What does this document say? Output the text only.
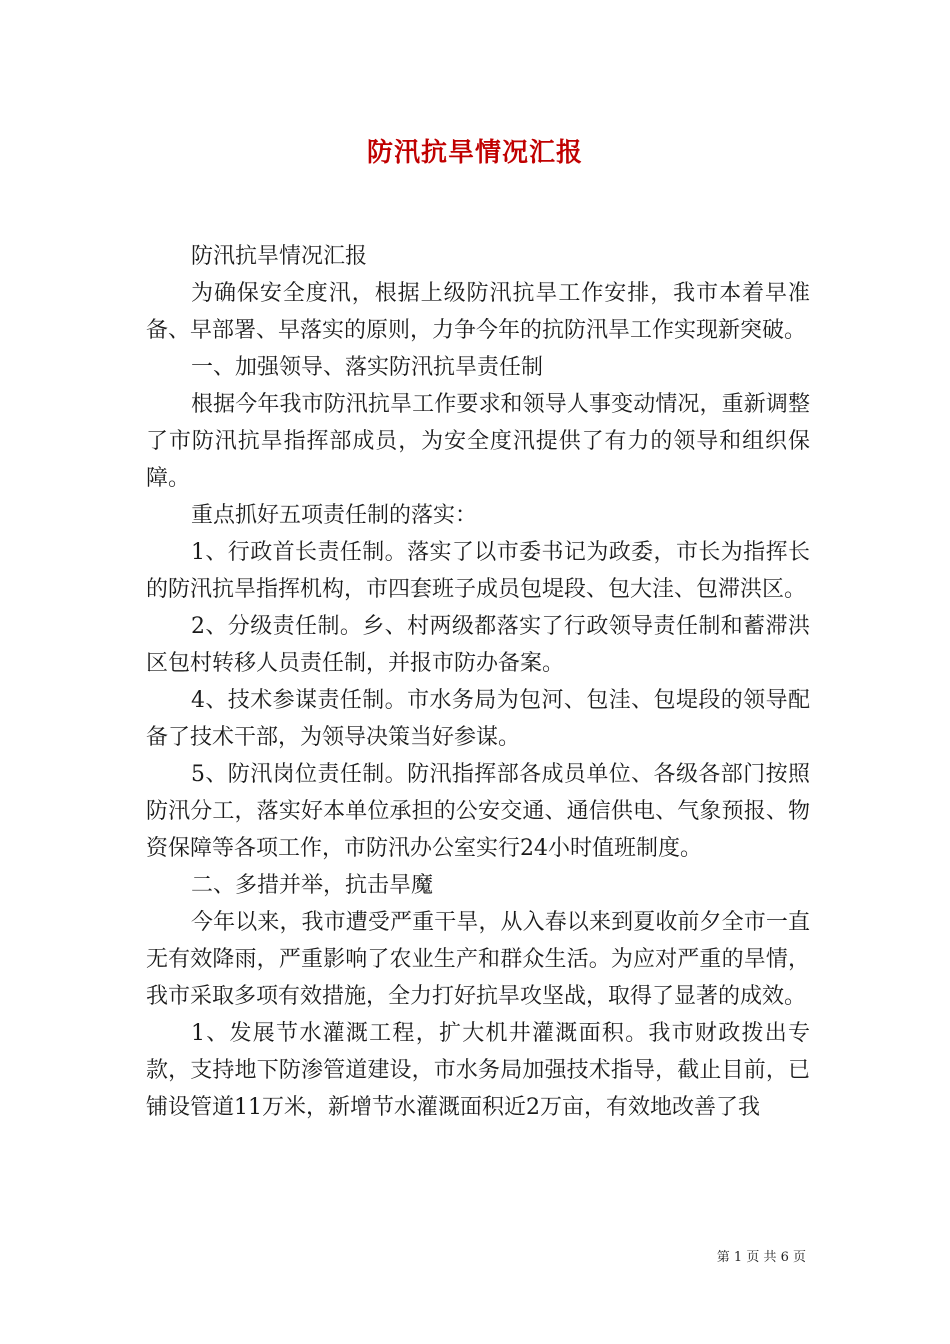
防汛抗旱情况汇报

防汛抗旱情况汇报

为确保安全度汛，根据上级防汛抗旱工作安排，我市本着早准备、早部署、早落实的原则，力争今年的抗防汛旱工作实现新突破。

一、加强领导、落实防汛抗旱责任制

根据今年我市防汛抗旱工作要求和领导人事变动情况，重新调整了市防汛抗旱指挥部成员，为安全度汛提供了有力的领导和组织保障。

重点抓好五项责任制的落实：

1、行政首长责任制。落实了以市委书记为政委，市长为指挥长的防汛抗旱指挥机构，市四套班子成员包堤段、包大洼、包滞洪区。

2、分级责任制。乡、村两级都落实了行政领导责任制和蓄滞洪区包村转移人员责任制，并报市防办备案。

4、技术参谋责任制。市水务局为包河、包洼、包堤段的领导配备了技术干部，为领导决策当好参谋。

5、防汛岗位责任制。防汛指挥部各成员单位、各级各部门按照防汛分工，落实好本单位承担的公安交通、通信供电、气象预报、物资保障等各项工作，市防汛办公室实行24小时值班制度。

二、多措并举，抗击旱魔

今年以来，我市遭受严重干旱，从入春以来到夏收前夕全市一直无有效降雨，严重影响了农业生产和群众生活。为应对严重的旱情，我市采取多项有效措施，全力打好抗旱攻坚战，取得了显著的成效。

1、发展节水灌溉工程，扩大机井灌溉面积。我市财政拨出专款，支持地下防渗管道建设，市水务局加强技术指导，截止目前，已铺设管道11万米，新增节水灌溉面积近2万亩，有效地改善了我

第 1 页 共 6 页
